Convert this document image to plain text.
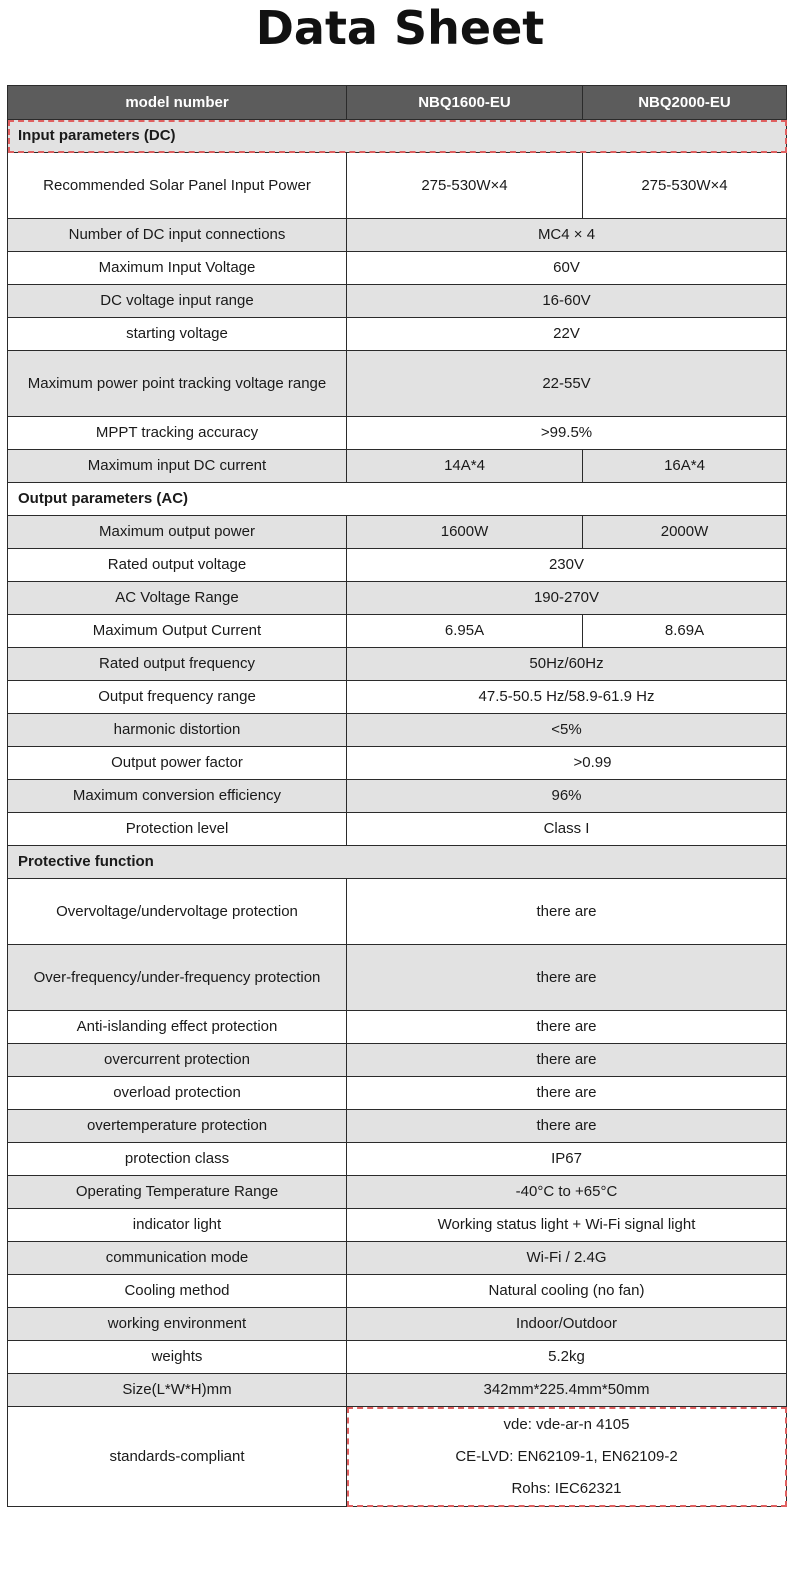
Data Sheet
model number	NBQ1600-EU	NBQ2000-EU
Input parameters (DC)		
Recommended Solar Panel Input Power	275-530W×4	275-530W×4
Number of DC input connections	MC4 × 4	
Maximum Input Voltage	60V	
DC voltage input range	16-60V	
starting voltage	22V	
Maximum power point tracking voltage range	22-55V	
MPPT tracking accuracy	>99.5%	
Maximum input DC current	14A*4	16A*4
Output parameters (AC)		
Maximum output power	1600W	2000W
Rated output voltage	230V	
AC Voltage Range	190-270V	
Maximum Output Current	6.95A	8.69A
Rated output frequency	50Hz/60Hz	
Output frequency range	47.5-50.5 Hz/58.9-61.9 Hz	
harmonic distortion	<5%	
Output power factor	>0.99	
Maximum conversion efficiency	96%	
Protection level	Class I	
Protective function		
Overvoltage/undervoltage protection	there are	
Over-frequency/under-frequency protection	there are	
Anti-islanding effect protection	there are	
overcurrent protection	there are	
overload protection	there are	
overtemperature protection	there are	
protection class	IP67	
Operating Temperature Range	-40°C to +65°C	
indicator light	Working status light + Wi-Fi signal light	
communication mode	Wi-Fi / 2.4G	
Cooling method	Natural cooling (no fan)	
working environment	Indoor/Outdoor	
weights	5.2kg	
Size(L*W*H)mm	342mm*225.4mm*50mm	
standards-compliant	vde: vde-ar-n 4105
CE-LVD: EN62109-1, EN62109-2
Rohs: IEC62321	
